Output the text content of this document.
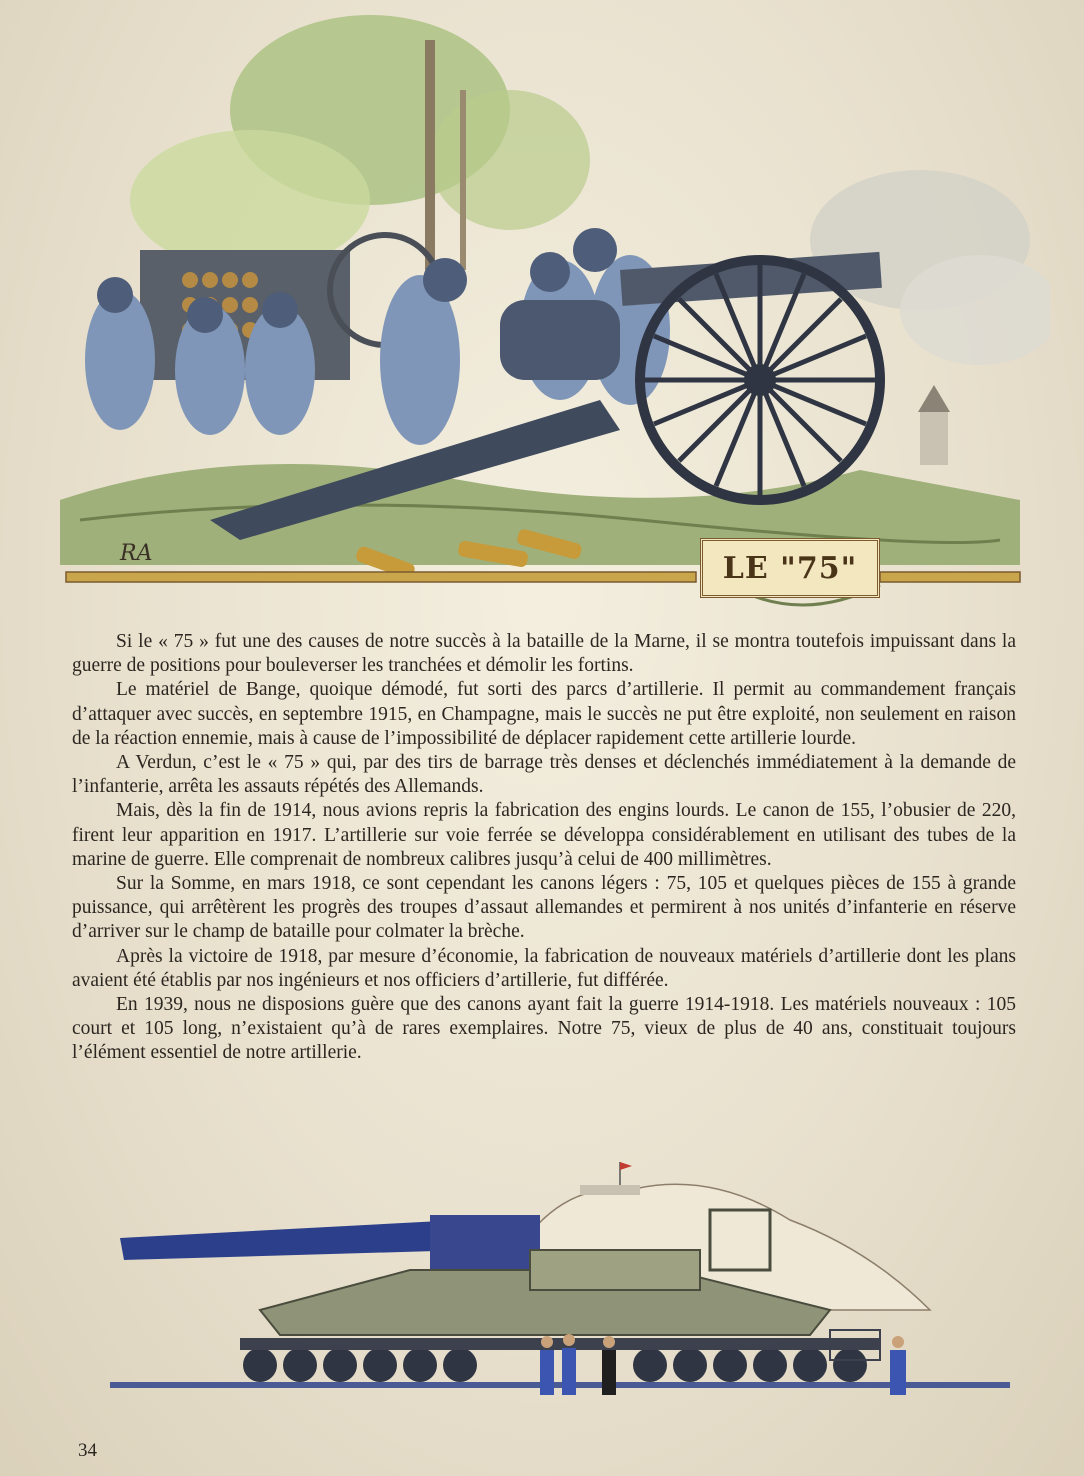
RA	LE "75"

Si le « 75 » fut une des causes de notre succès à la bataille de la Marne, il se montra toutefois impuissant dans la guerre de positions pour bouleverser les tranchées et démolir les fortins.

Le matériel de Bange, quoique démodé, fut sorti des parcs d’artillerie. Il permit au commandement français d’attaquer avec succès, en septembre 1915, en Champagne, mais le succès ne put être exploité, non seulement en raison de la réaction ennemie, mais à cause de l’impossibilité de déplacer rapidement cette artillerie lourde.

A Verdun, c’est le « 75 » qui, par des tirs de barrage très denses et déclenchés immédiatement à la demande de l’infanterie, arrêta les assauts répétés des Allemands.

Mais, dès la fin de 1914, nous avions repris la fabrication des engins lourds. Le canon de 155, l’obusier de 220, firent leur apparition en 1917. L’artillerie sur voie ferrée se développa considérablement en utilisant des tubes de la marine de guerre. Elle comprenait de nombreux calibres jusqu’à celui de 400 millimètres.

Sur la Somme, en mars 1918, ce sont cependant les canons légers : 75, 105 et quelques pièces de 155 à grande puissance, qui arrêtèrent les progrès des troupes d’assaut allemandes et permirent à nos unités d’infanterie en réserve d’arriver sur le champ de bataille pour colmater la brèche.

Après la victoire de 1918, par mesure d’économie, la fabrication de nouveaux matériels d’artillerie dont les plans avaient été établis par nos ingénieurs et nos officiers d’artillerie, fut différée.

En 1939, nous ne disposions guère que des canons ayant fait la guerre 1914-1918. Les matériels nouveaux : 105 court et 105 long, n’existaient qu’à de rares exemplaires. Notre 75, vieux de plus de 40 ans, constituait toujours l’élément essentiel de notre artillerie.

34
